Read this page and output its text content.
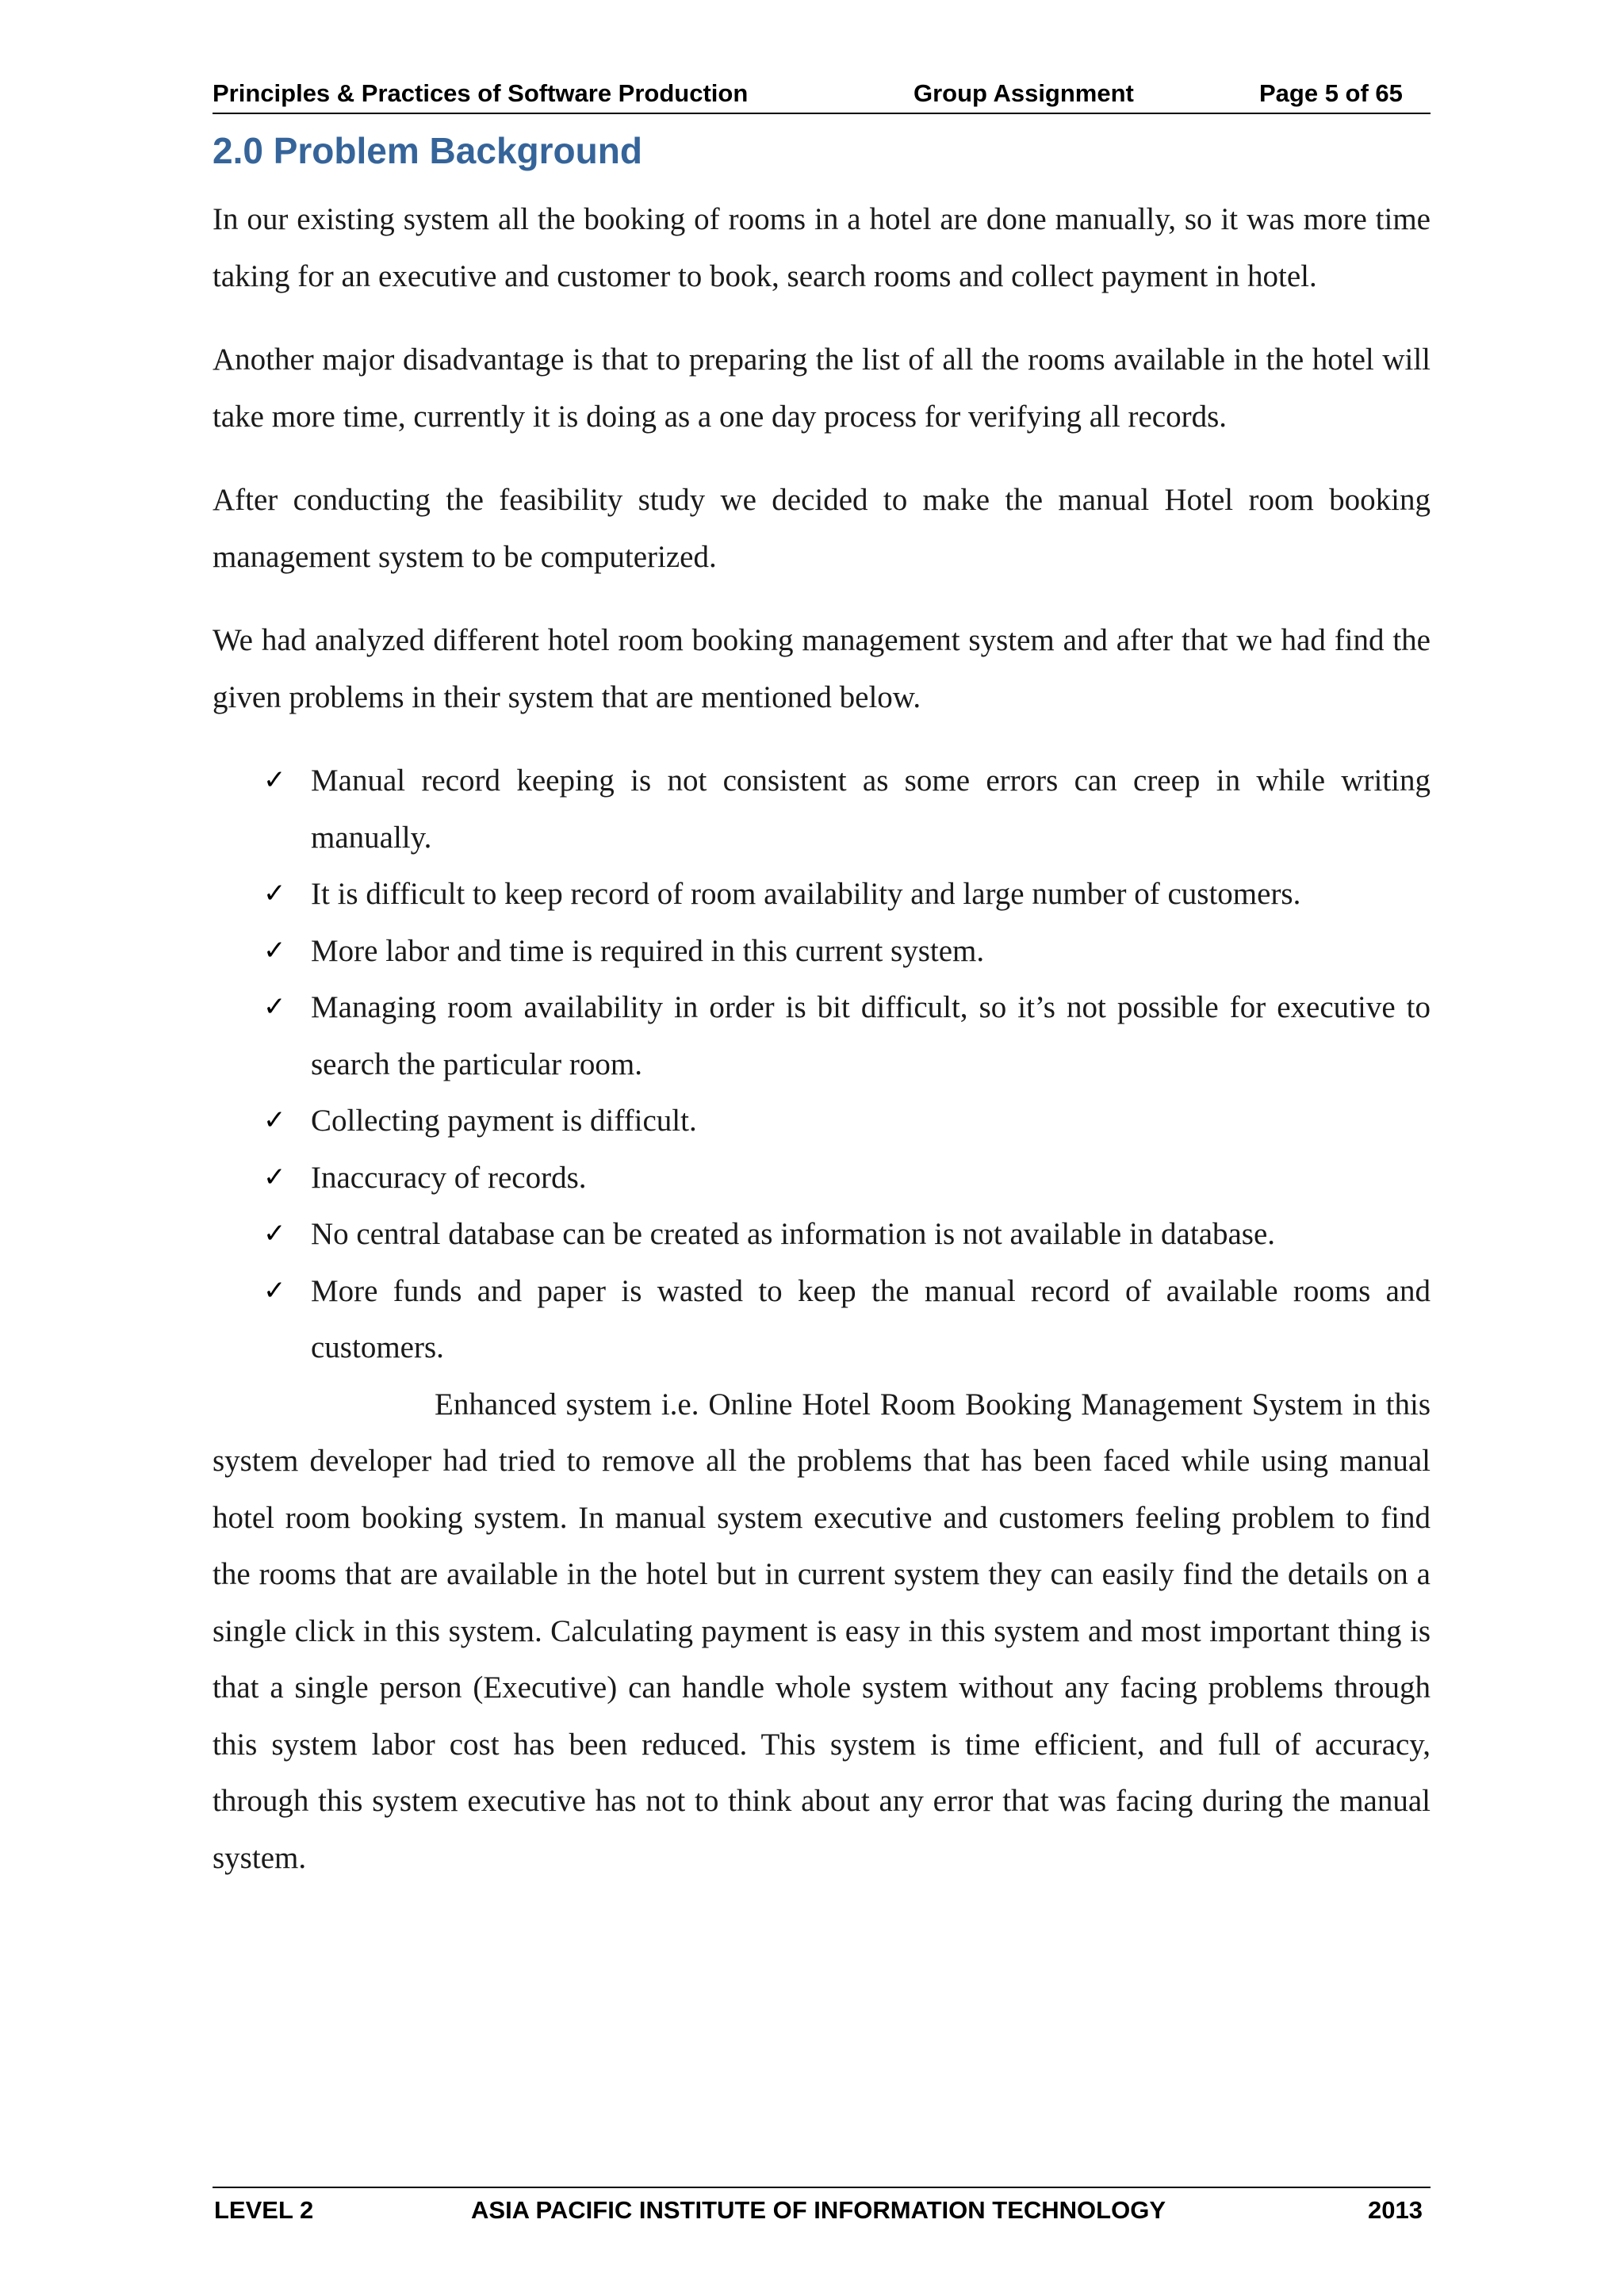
Principles & Practices of Software Production	Group Assignment	Page 5 of 65
2.0 Problem Background

In our existing system all the booking of rooms in a hotel are done manually, so it was more time taking for an executive and customer to book, search rooms and collect payment in hotel.

Another major disadvantage is that to preparing the list of all the rooms available in the hotel will take more time, currently it is doing as a one day process for verifying all records.

After conducting the feasibility study we decided to make the manual Hotel room booking management system to be computerized.

We had analyzed different hotel room booking management system and after that we had find the given problems in their system that are mentioned below.

✓ Manual record keeping is not consistent as some errors can creep in while writing manually.
✓ It is difficult to keep record of room availability and large number of customers.
✓ More labor and time is required in this current system.
✓ Managing room availability in order is bit difficult, so it’s not possible for executive to search the particular room.
✓ Collecting payment is difficult.
✓ Inaccuracy of records.
✓ No central database can be created as information is not available in database.
✓ More funds and paper is wasted to keep the manual record of available rooms and customers.

Enhanced system i.e. Online Hotel Room Booking Management System in this system developer had tried to remove all the problems that has been faced while using manual hotel room booking system. In manual system executive and customers feeling problem to find the rooms that are available in the hotel but in current system they can easily find the details on a single click in this system. Calculating payment is easy in this system and most important thing is that a single person (Executive) can handle whole system without any facing problems through this system labor cost has been reduced. This system is time efficient, and full of accuracy, through this system executive has not to think about any error that was facing during the manual system.

LEVEL 2	ASIA PACIFIC INSTITUTE OF INFORMATION TECHNOLOGY	2013
